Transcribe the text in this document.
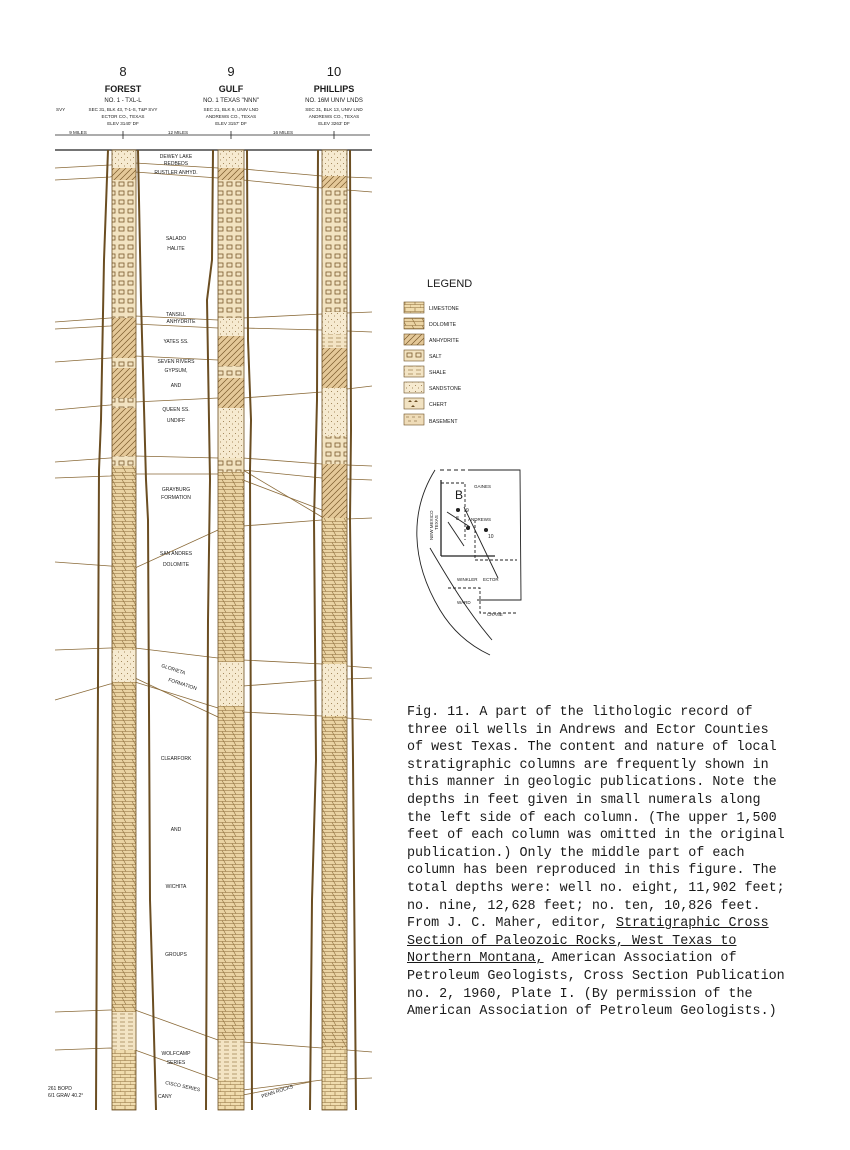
8
FOREST
NO. 1 - TXL-L
SEC 31, BLK 43, T-1-S, T&P SVY
ECTOR CO., TEXAS
ELEV 3140' DF
9
GULF
NO. 1 TEXAS "NNN"
SEC 21, BLK 9, UNIV LND
ANDREWS CO., TEXAS
ELEV 3157' DF
10
PHILLIPS
NO. 16M UNIV LNDS
SEC 31, BLK 13, UNIV LND
ANDREWS CO., TEXAS
ELEV 3263' DF
SVY
9 MILES	12 MILES	16 MILES
DEWEY LAKE
REDBEDS
RUSTLER ANHYD.
SALADO
HALITE
TANSILL
ANHYDRITE
YATES SS.
SEVEN RIVERS
GYPSUM,
AND
QUEEN SS.
UNDIFF
GRAYBURG
FORMATION
SAN ANDRES
DOLOMITE
GLORIETA
FORMATION
CLEARFORK
AND
WICHITA
GROUPS
WOLFCAMP
SERIES
CISCO SERIES
CANY	PENN ROCKS
261 BOPD
6/1 GRAV 40.2°
LEGEND
LIMESTONE
DOLOMITE
ANHYDRITE
SALT
SHALE
SANDSTONE
CHERT
BASEMENT
B
GAINES
NEW MEXICO TEXAS	ANDREWS
WINKLER ECTOR
WARD
CRANE
8
9
10

Fig. 11. A part of the lithologic record of three oil wells in Andrews and Ector Counties of west Texas. The content and nature of local stratigraphic columns are frequently shown in this manner in geologic publications. Note the depths in feet given in small numerals along the left side of each column. (The upper 1,500 feet of each column was omitted in the original publication.) Only the middle part of each column has been reproduced in this figure. The total depths were: well no. eight, 11,902 feet; no. nine, 12,628 feet; no. ten, 10,826 feet. From J. C. Maher, editor, Stratigraphic Cross Section of Paleozoic Rocks, West Texas to Northern Montana, American Association of Petroleum Geologists, Cross Section Publication no. 2, 1960, Plate I. (By permission of the American Association of Petroleum Geologists.)
